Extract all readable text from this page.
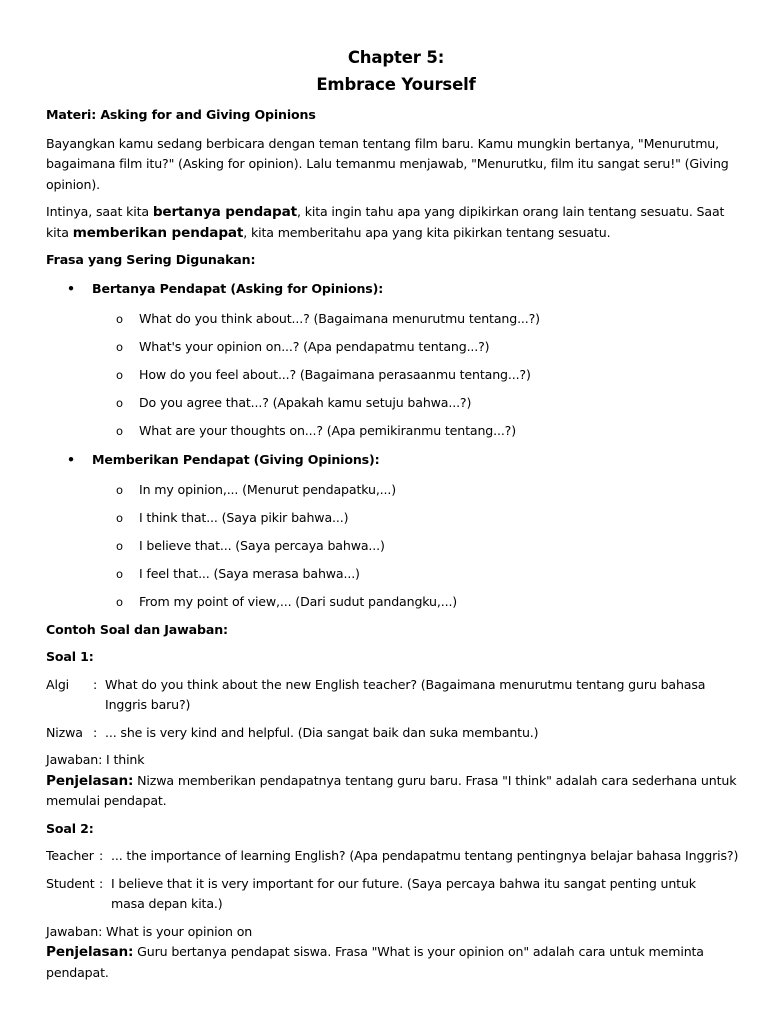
Chapter 5:
Embrace Yourself

Materi: Asking for and Giving Opinions

Bayangkan kamu sedang berbicara dengan teman tentang film baru. Kamu mungkin bertanya, "Menurutmu, bagaimana film itu?" (Asking for opinion). Lalu temanmu menjawab, "Menurutku, film itu sangat seru!" (Giving opinion).

Intinya, saat kita bertanya pendapat, kita ingin tahu apa yang dipikirkan orang lain tentang sesuatu. Saat kita memberikan pendapat, kita memberitahu apa yang kita pikirkan tentang sesuatu.

Frasa yang Sering Digunakan:

• Bertanya Pendapat (Asking for Opinions):

o What do you think about...? (Bagaimana menurutmu tentang...?)
o What's your opinion on...? (Apa pendapatmu tentang...?)
o How do you feel about...? (Bagaimana perasaanmu tentang...?)
o Do you agree that...? (Apakah kamu setuju bahwa...?)
o What are your thoughts on...? (Apa pemikiranmu tentang...?)

• Memberikan Pendapat (Giving Opinions):

o In my opinion,... (Menurut pendapatku,...)
o I think that... (Saya pikir bahwa...)
o I believe that... (Saya percaya bahwa...)
o I feel that... (Saya merasa bahwa...)
o From my point of view,... (Dari sudut pandangku,...)

Contoh Soal dan Jawaban:

Soal 1:

Algi	: What do you think about the new English teacher? (Bagaimana menurutmu tentang guru bahasa Inggris baru?)
Nizwa : ... she is very kind and helpful. (Dia sangat baik dan suka membantu.)

Jawaban: I think

Penjelasan: Nizwa memberikan pendapatnya tentang guru baru. Frasa "I think" adalah cara sederhana untuk memulai pendapat.

Soal 2:

Teacher : ... the importance of learning English? (Apa pendapatmu tentang pentingnya belajar bahasa Inggris?)
Student : I believe that it is very important for our future. (Saya percaya bahwa itu sangat penting untuk masa depan kita.)

Jawaban: What is your opinion on

Penjelasan: Guru bertanya pendapat siswa. Frasa "What is your opinion on" adalah cara untuk meminta pendapat.
